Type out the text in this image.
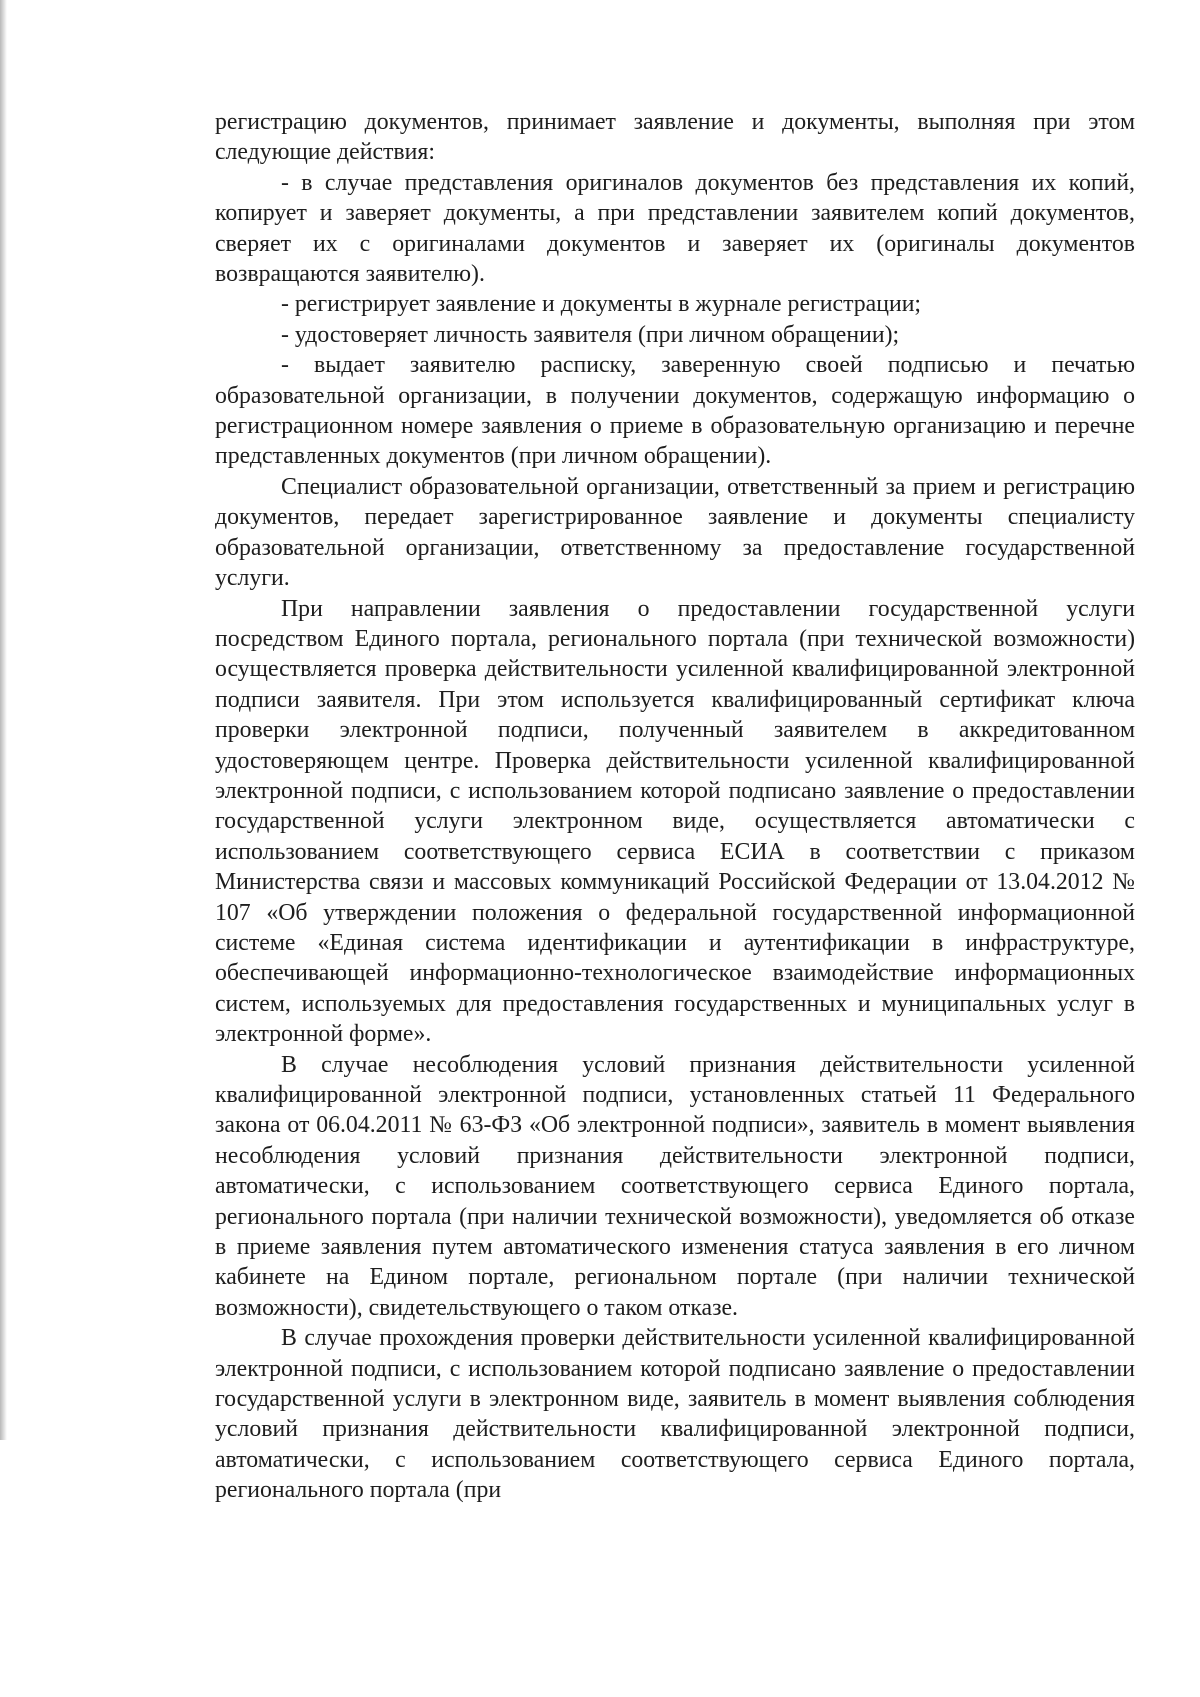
регистрацию документов, принимает заявление и документы, выполняя при этом следующие действия:

- в случае представления оригиналов документов без представления их копий, копирует и заверяет документы, а при представлении заявителем копий документов, сверяет их с оригиналами документов и заверяет их (оригиналы документов возвращаются заявителю).

- регистрирует заявление и документы в журнале регистрации;

- удостоверяет личность заявителя (при личном обращении);

- выдает заявителю расписку, заверенную своей подписью и печатью образовательной организации, в получении документов, содержащую информацию о регистрационном номере заявления о приеме в образовательную организацию и перечне представленных документов (при личном обращении).

Специалист образовательной организации, ответственный за прием и регистрацию документов, передает зарегистрированное заявление и документы специалисту образовательной организации, ответственному за предоставление государственной услуги.

При направлении заявления о предоставлении государственной услуги посредством Единого портала, регионального портала (при технической возможности) осуществляется проверка действительности усиленной квалифицированной электронной подписи заявителя. При этом используется квалифицированный сертификат ключа проверки электронной подписи, полученный заявителем в аккредитованном удостоверяющем центре. Проверка действительности усиленной квалифицированной электронной подписи, с использованием которой подписано заявление о предоставлении государственной услуги электронном виде, осуществляется автоматически с использованием соответствующего сервиса ЕСИА в соответствии с приказом Министерства связи и массовых коммуникаций Российской Федерации от 13.04.2012 № 107 «Об утверждении положения о федеральной государственной информационной системе «Единая система идентификации и аутентификации в инфраструктуре, обеспечивающей информационно-технологическое взаимодействие информационных систем, используемых для предоставления государственных и муниципальных услуг в электронной форме».

В случае несоблюдения условий признания действительности усиленной квалифицированной электронной подписи, установленных статьей 11 Федерального закона от 06.04.2011 № 63-ФЗ «Об электронной подписи», заявитель в момент выявления несоблюдения условий признания действительности электронной подписи, автоматически, с использованием соответствующего сервиса Единого портала, регионального портала (при наличии технической возможности), уведомляется об отказе в приеме заявления путем автоматического изменения статуса заявления в его личном кабинете на Едином портале, региональном портале (при наличии технической возможности), свидетельствующего о таком отказе.

В случае прохождения проверки действительности усиленной квалифицированной электронной подписи, с использованием которой подписано заявление о предоставлении государственной услуги в электронном виде, заявитель в момент выявления соблюдения условий признания действительности квалифицированной электронной подписи, автоматически, с использованием соответствующего сервиса Единого портала, регионального портала (при
